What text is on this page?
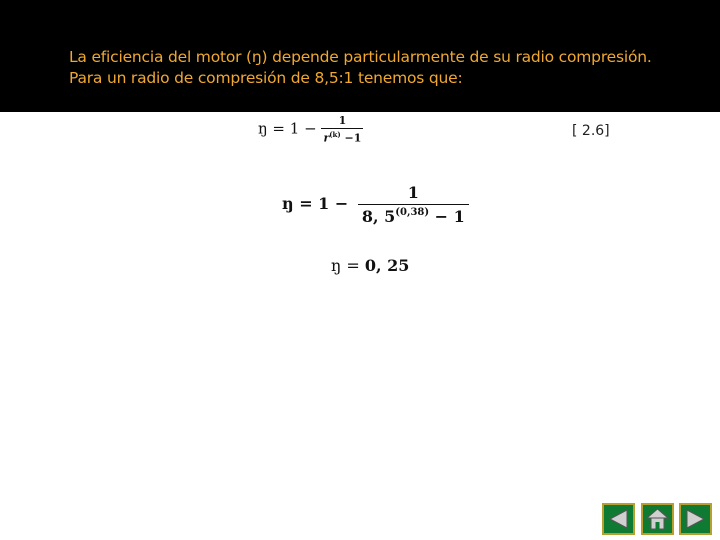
La eficiencia del motor (ŋ) depende particularmente de su radio compresión.
Para un radio de compresión de 8,5:1 tenemos que:
ŋ = $1 - \frac{1}{r^{(k)} -1}$	[ 2.6]
ŋ = $1 - \frac{1}{8, 5^{(0,38)} - 1}$
ŋ = 0, 25
